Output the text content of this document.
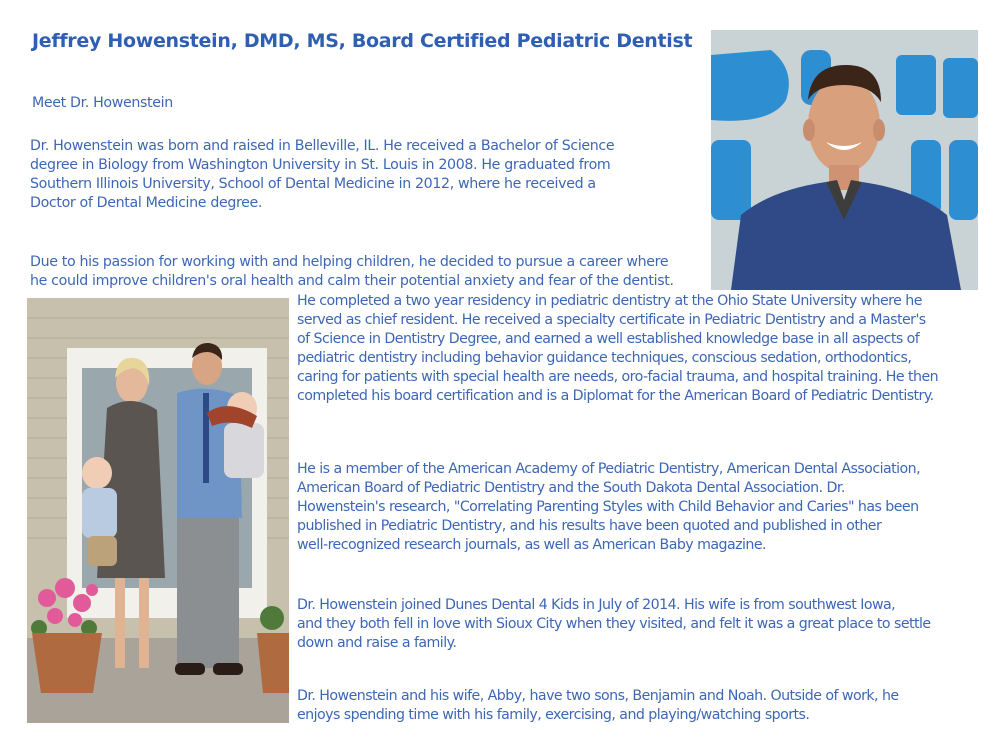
Jeffrey Howenstein, DMD, MS, Board Certified Pediatric Dentist
Meet Dr. Howenstein
Dr. Howenstein was born and raised in Belleville, IL. He received a Bachelor of Science
degree in Biology from Washington University in St. Louis in 2008. He graduated from
Southern Illinois University, School of Dental Medicine in 2012, where he received a
Doctor of Dental Medicine degree.
Due to his passion for working with and helping children, he decided to pursue a career where
he could improve children's oral health and calm their potential anxiety and fear of the dentist.
He completed a two year residency in pediatric dentistry at the Ohio State University where he
served as chief resident. He received a specialty certificate in Pediatric Dentistry and a Master's
of Science in Dentistry Degree, and earned a well established knowledge base in all aspects of
pediatric dentistry including behavior guidance techniques, conscious sedation, orthodontics,
caring for patients with special health are needs, oro-facial trauma, and hospital training. He then
completed his board certification and is a Diplomat for the American Board of Pediatric Dentistry.
He is a member of the American Academy of Pediatric Dentistry, American Dental Association,
American Board of Pediatric Dentistry and the South Dakota Dental Association. Dr.
Howenstein's research, "Correlating Parenting Styles with Child Behavior and Caries" has been
published in Pediatric Dentistry, and his results have been quoted and published in other
well-recognized research journals, as well as American Baby magazine.
Dr. Howenstein joined Dunes Dental 4 Kids in July of 2014. His wife is from southwest Iowa,
and they both fell in love with Sioux City when they visited, and felt it was a great place to settle
down and raise a family.
Dr. Howenstein and his wife, Abby, have two sons, Benjamin and Noah. Outside of work, he
enjoys spending time with his family, exercising, and playing/watching sports.
